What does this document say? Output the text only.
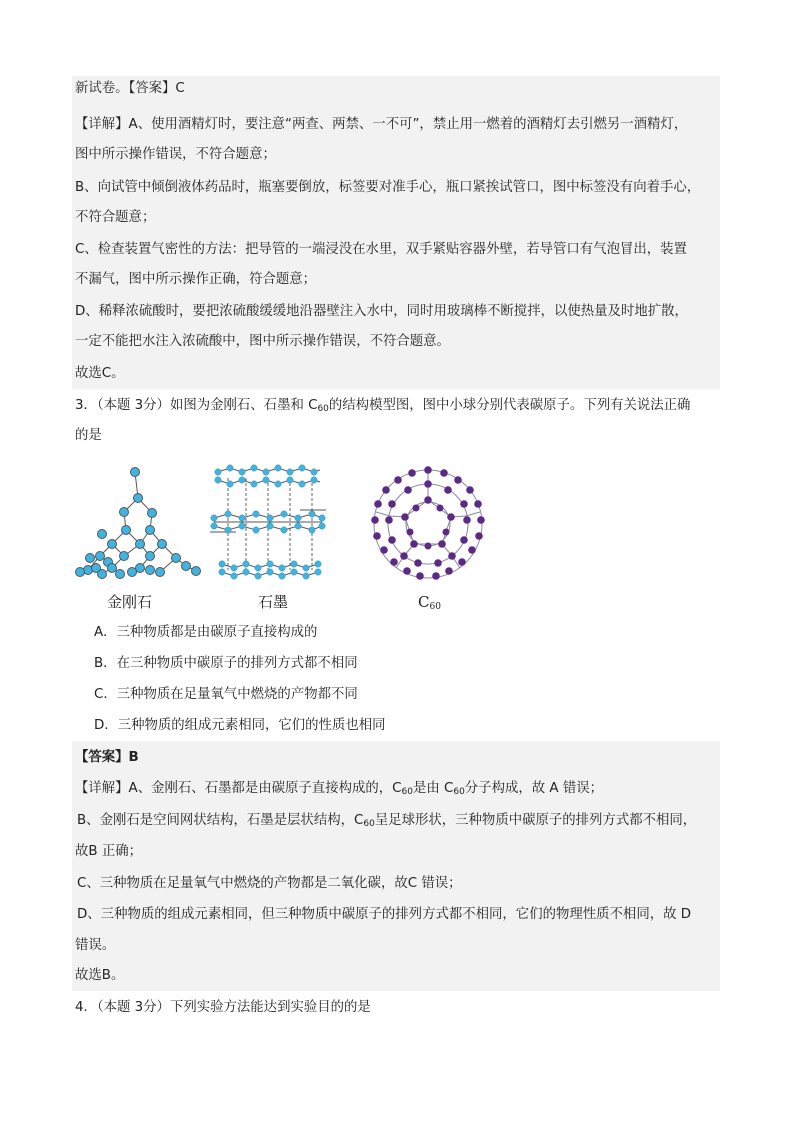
新试卷。【答案】C
【详解】A、使用酒精灯时，要注意“两查、两禁、一不可”，禁止用一燃着的酒精灯去引燃另一酒精灯，
图中所示操作错误，不符合题意；
B、向试管中倾倒液体药品时，瓶塞要倒放，标签要对准手心，瓶口紧挨试管口，图中标签没有向着手心，
不符合题意；
C、检查装置气密性的方法：把导管的一端浸没在水里，双手紧贴容器外壁，若导管口有气泡冒出，装置
不漏气，图中所示操作正确，符合题意；
D、稀释浓硫酸时，要把浓硫酸缓缓地沿器壁注入水中，同时用玻璃棒不断搅拌，以使热量及时地扩散，
一定不能把水注入浓硫酸中，图中所示操作错误，不符合题意。
故选C。
3．（本题 3分）如图为金刚石、石墨和 $C_{60}$的结构模型图，图中小球分别代表碳原子。下列有关说法正确
的是
金刚石	石墨	$C_{60}$
A．三种物质都是由碳原子直接构成的
B．在三种物质中碳原子的排列方式都不相同
C．三种物质在足量氧气中燃烧的产物都不同
D．三种物质的组成元素相同，它们的性质也相同
【答案】B
【详解】A、金刚石、石墨都是由碳原子直接构成的，$C_{60}$是由 $C_{60}$分子构成，故 A 错误；
B、金刚石是空间网状结构，石墨是层状结构，$C_{60}$呈足球形状，三种物质中碳原子的排列方式都不相同，
故B 正确；
C、三种物质在足量氧气中燃烧的产物都是二氧化碳，故C 错误；
D、三种物质的组成元素相同，但三种物质中碳原子的排列方式都不相同，它们的物理性质不相同，故 D
错误。
故选B。
4．（本题 3分）下列实验方法能达到实验目的的是
